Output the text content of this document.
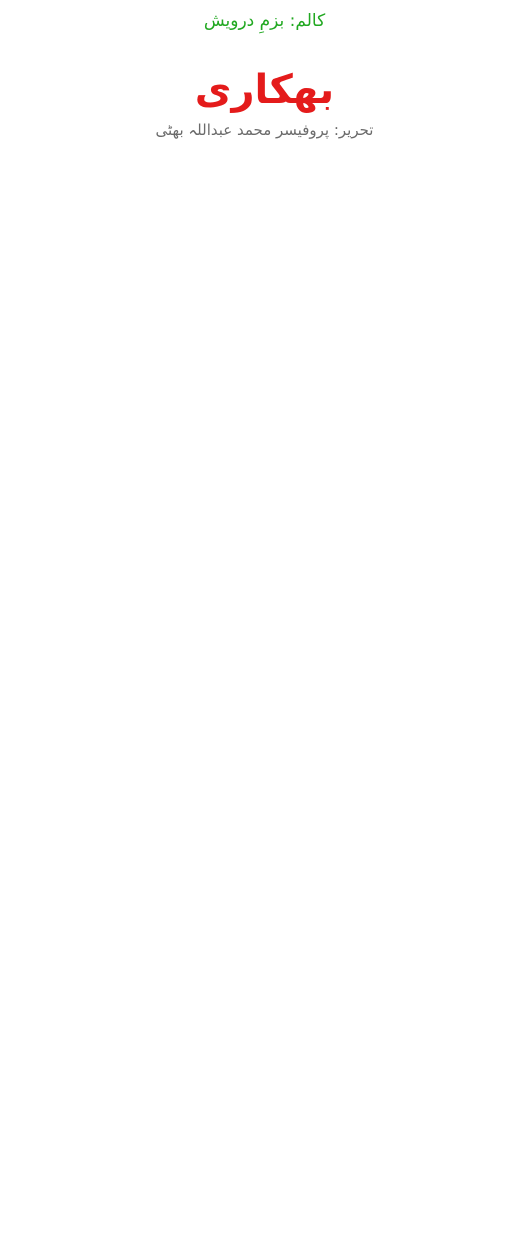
کالم: بزمِ درویش
بھکاری
تحریر: پروفیسر محمد عبداللہ بھٹی
